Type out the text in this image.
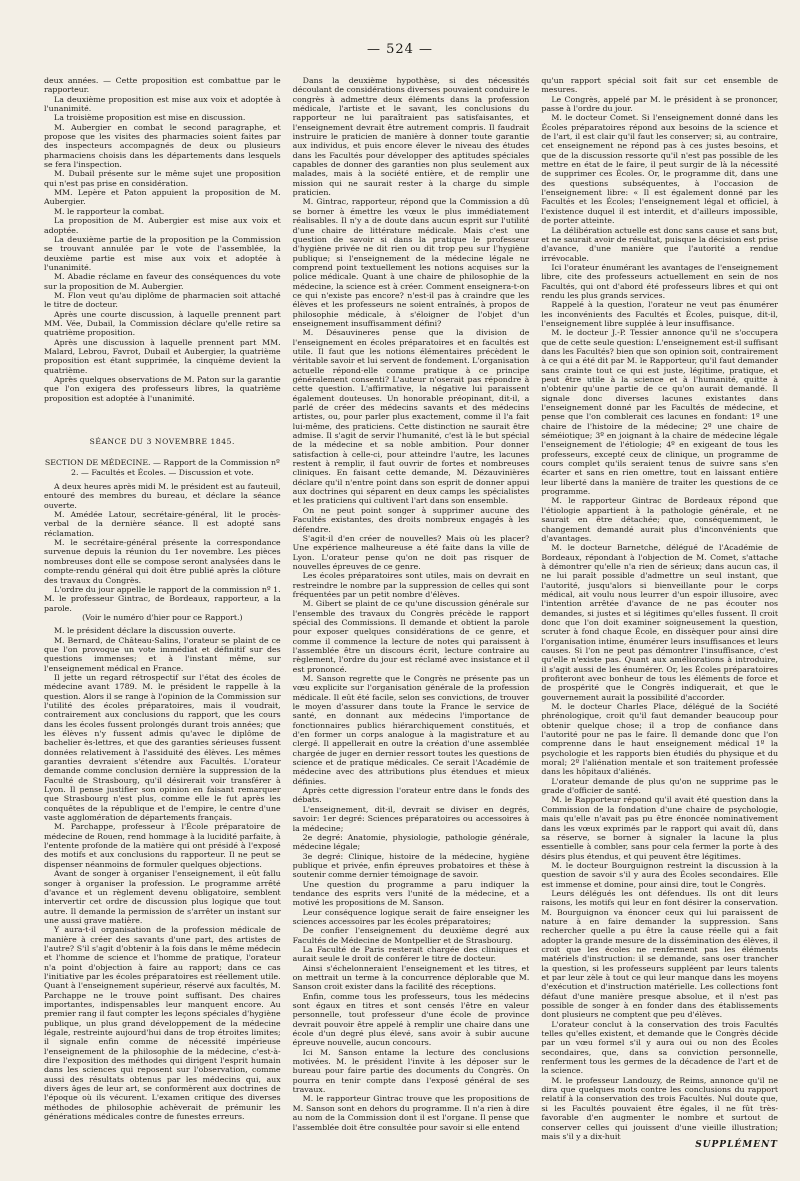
— 524 —

deux années. — Cette proposition est combattue par le rapporteur.

La deuxième proposition est mise aux voix et adoptée à l'unanimité.

La troisième proposition est mise en discussion.

M. Aubergier en combat le second paragraphe, et propose que les visites des pharmacies soient faites par des inspecteurs accompagnés de deux ou plusieurs pharmaciens choisis dans les départements dans lesquels se fera l'inspection.

M. Dubail présente sur le même sujet une proposition qui n'est pas prise en considération.

MM. Lepère et Paton appuient la proposition de M. Aubergier.

M. le rapporteur la combat.

La proposition de M. Aubergier est mise aux voix et adoptée.

La deuxième partie de la proposition pe la Commission se trouvant annulée par le vote de l'assemblée, la deuxième partie est mise aux voix et adoptée à l'unanimité.

M. Abadie réclame en faveur des conséquences du vote sur la proposition de M. Aubergier.

M. Flon veut qu'au diplôme de pharmacien soit attaché le titre de docteur.

Après une courte discussion, à laquelle prennent part MM. Vée, Dubail, la Commission déclare qu'elle retire sa quatrième proposition.

Après une discussion à laquelle prennent part MM. Malard, Lebrou, Favrot, Dubail et Aubergier, la quatrième proposition est étant supprimée, la cinquème devient la quatrième.

Après quelques observations de M. Paton sur la garantie que l'on exigera des professeurs libres, la quatrième proposition est adoptée à l'unanimité.

SÉANCE DU 3 NOVEMBRE 1845.

SECTION DE MÉDECINE. — Rapport de la Commission nº 2. — Facultés et Écoles. — Discussion et vote.

A deux heures après midi M. le président est au fauteuil, entouré des membres du bureau, et déclare la séance ouverte.

M. Amédée Latour, secrétaire-général, lit le procès-verbal de la dernière séance. Il est adopté sans réclamation.

M. le secrétaire-général présente la correspondance survenue depuis la réunion du 1er novembre. Les pièces nombreuses dont elle se compose seront analysées dans le compte-rendu général qui doit être publié après la clôture des travaux du Congrès.

L'ordre du jour appelle le rapport de la commission nº 1. M. le professeur Gintrac, de Bordeaux, rapporteur, a la parole.

(Voir le numéro d'hier pour ce Rapport.)

M. le président déclare la discussion ouverte.

M. Bernard, de Château-Salins, l'orateur se plaint de ce que l'on provoque un vote immédiat et définitif sur des questions immenses; et à l'instant même, sur l'enseignement médical en France.

Il jette un regard rétrospectif sur l'état des écoles de médecine avant 1789. M. le président le rappelle à la question. Alors il se range à l'opinion de la Commission sur l'utilité des écoles préparatoires, mais il voudrait, contrairement aux conclusions du rapport, que les cours dans les écoles fussent prolongés durant trois années; que les élèves n'y fussent admis qu'avec le diplôme de bachelier ès-lettres, et que des garanties sérieuses fussent données relativement à l'assiduité des élèves. Les mêmes garanties devraient s'étendre aux Facultés. L'orateur demande comme conclusion dernière la suppression de la Faculté de Strasbourg, qu'il désirerait voir transférer à Lyon. Il pense justifier son opinion en faisant remarquer que Strasbourg n'est plus, comme elle le fut après les conquêtes de la république et de l'empire, le centre d'une vaste agglomération de départements français.

M. Parchappe, professeur à l'École préparatoire de médecine de Rouen, rend hommage à la lucidité parfaite, à l'entente profonde de la matière qui ont présidé à l'exposé des motifs et aux conclusions du rapporteur. Il ne peut se dispenser néanmoins de formuler quelques objections.

Avant de songer à organiser l'enseignement, il eût fallu songer à organiser la profession. Le programme arrêté d'avance et un règlement devenu obligatoire, semblent intervertir cet ordre de discussion plus logique que tout autre. Il demande la permission de s'arrêter un instant sur une aussi grave matière.

Y aura-t-il organisation de la profession médicale de manière à créer des savants d'une part, des artistes de l'autre? S'il s'agit d'obtenir à la fois dans le même médecin et l'homme de science et l'homme de pratique, l'orateur n'a point d'objection à faire au rapport; dans ce cas l'initiative par les écoles préparatoires est réellement utile. Quant à l'enseignement supérieur, réservé aux facultés, M. Parchappe ne le trouve point suffisant. Des chaires importantes, indispensables leur manquent encore. Au premier rang il faut compter les leçons spéciales d'hygiène publique, un plus grand développement de la médecine légale, restreinte aujourd'hui dans de trop étroites limites; il signale enfin comme de nécessité impérieuse l'enseignement de la philosophie de la médecine, c'est-à-dire l'exposition des méthodes qui dirigent l'esprit humain dans les sciences qui reposent sur l'observation, comme aussi des résultats obtenus par les médecins qui, aux divers âges de leur art, se conformèrent aux doctrines de l'époque où ils vécurent. L'examen critique des diverses méthodes de philosophie achèverait de prémunir les générations médicales contre de funestes erreurs.

Dans la deuxième hypothèse, si des nécessités découlant de considérations diverses pouvaient conduire le congrès à admettre deux éléments dans la profession médicale, l'artiste et le savant, les conclusions du rapporteur ne lui paraîtraient pas satisfaisantes, et l'enseignement devrait être autrement compris. Il faudrait instruire le praticien de manière à donner toute garantie aux individus, et puis encore élever le niveau des études dans les Facultés pour développer des aptitudes spéciales capables de donner des garanties non plus seulement aux malades, mais à la société entière, et de remplir une mission qui ne saurait rester à la charge du simple praticien.

M. Gintrac, rapporteur, répond que la Commission a dû se borner à émettre les vœux le plus immédiatement réalisables. Il n'y a de doute dans aucun esprit sur l'utilité d'une chaire de littérature médicale. Mais c'est une question de savoir si dans la pratique le professeur d'hygiène privée ne dit rien ou dit trop peu sur l'hygiène publique; si l'enseignement de la médecine légale ne comprend point textuellement les notions acquises sur la police médicale. Quant à une chaire de philosophie de la médecine, la science est à créer. Comment enseignera-t-on ce qui n'existe pas encore? n'est-il pas à craindre que les élèves et les professeurs ne soient entraînés, à propos de philosophie médicale, à s'éloigner de l'objet d'un enseignement insuffisamment défini?

M. Désauvineres pense que la division de l'enseignement en écoles préparatoires et en facultés est utile. Il faut que les notions élémentaires précèdent le véritable savoir et lui servent de fondement. L'organisation actuelle répond-elle comme pratique à ce principe généralement consenti? L'auteur n'oserait pas répondre à cette question. L'affirmative, la négative lui paraissent également douteuses. Un honorable préopinant, dit-il, a parlé de créer des médecins savants et des médecins artistes, ou, pour parler plus exactement, comme il l'a fait lui-même, des praticiens. Cette distinction ne saurait être admise. Il s'agit de servir l'humanité, c'est là le but spécial de la médecine et sa noble ambition. Pour donner satisfaction à celle-ci, pour atteindre l'autre, les lacunes restent à remplir, il faut ouvrir de fortes et nombreuses cliniques. En faisant cette demande, M. Dézauvinières déclare qu'il n'entre point dans son esprit de donner appui aux doctrines qui séparent en deux camps les spécialistes et les praticiens qui cultivent l'art dans son ensemble.

On ne peut point songer à supprimer aucune des Facultés existantes, des droits nombreux engagés à les défendre.

S'agit-il d'en créer de nouvelles? Mais où les placer? Une expérience malheureuse a été faite dans la ville de Lyon. L'orateur pense qu'on ne doit pas risquer de nouvelles épreuves de ce genre.

Les écoles préparatoires sont utiles, mais on devrait en restreindre le nombre par la suppression de celles qui sont fréquentées par un petit nombre d'élèves.

M. Gibert se plaint de ce qu'une discussion générale sur l'ensemble des travaux du Congrès précède le rapport spécial des Commissions. Il demande et obtient la parole pour exposer quelques considérations de ce genre, et comme il commence la lecture de notes qui paraissent à l'assemblée être un discours écrit, lecture contraire au règlement, l'ordre du jour est réclamé avec insistance et il est prononcé.

M. Sanson regrette que le Congrès ne présente pas un vœu explicite sur l'organisation générale de la profession médicale. Il eût été facile, selon ses convictions, de trouver le moyen d'assurer dans toute la France le service de santé, en donnant aux médecins l'importance de fonctionnaires publics hiérarchiquement constitués, et d'en former un corps analogue à la magistrature et au clergé. Il appellerait en outre la création d'une assemblée chargée de juger en dernier ressort toutes les questions de science et de pratique médicales. Ce serait l'Académie de médecine avec des attributions plus étendues et mieux définies.

Après cette digression l'orateur entre dans le fonds des débats.

L'enseignement, dit-il, devrait se diviser en degrés, savoir: 1er degré: Sciences préparatoires ou accessoires à la médecine;

2e degré: Anatomie, physiologie, pathologie générale, médecine légale;

3e degré: Clinique, histoire de la médecine, hygiène publique et privée, enfin épreuves probatoires et thèse à soutenir comme dernier témoignage de savoir.

Une question du programme a paru indiquer la tendance des esprits vers l'unité de la médecine, et a motivé les propositions de M. Sanson.

Leur conséquence logique serait de faire enseigner les sciences accessoires par les écoles préparatoires;

De confier l'enseignement du deuxième degré aux Facultés de Médecine de Montpellier et de Strasbourg.

La Faculté de Paris resterait chargée des cliniques et aurait seule le droit de conférer le titre de docteur.

Ainsi s'échelonneraient l'enseignement et les titres, et on mettrait un terme à la concurrence déplorable que M. Sanson croit exister dans la facilité des réceptions.

Enfin, comme tous les professeurs, tous les médecins sont égaux en titres et sont censés l'être en valeur personnelle, tout professeur d'une école de province devrait pouvoir être appelé à remplir une chaire dans une école d'un degré plus élevé, sans avoir à subir aucune épreuve nouvelle, aucun concours.

Ici M. Sanson entame la lecture des conclusions motivées. M. le président l'invite à les déposer sur le bureau pour faire partie des documents du Congrès. On pourra en tenir compte dans l'exposé général de ses travaux.

M. le rapporteur Gintrac trouve que les propositions de M. Sanson sont en dehors du programme. Il n'a rien à dire au nom de la Commission dont il est l'organe. Il pense que l'assemblée doit être consultée pour savoir si elle entend

qu'un rapport spécial soit fait sur cet ensemble de mesures.

Le Congrès, appelé par M. le président à se prononcer, passe à l'ordre du jour.

M. le docteur Comet. Si l'enseignement donné dans les Écoles préparatoires répond aux besoins de la science et de l'art, il est clair qu'il faut les conserver; si, au contraire, cet enseignement ne répond pas à ces justes besoins, et que de la discussion ressorte qu'il n'est pas possible de les mettre en état de le faire, il peut surgir de là la nécessité de supprimer ces Écoles. Or, le programme dit, dans une des questions subséquentes, à l'occasion de l'enseignement libre: « Il est également donné par les Facultés et les Écoles; l'enseignement légal et officiel, à l'existence duquel il est interdit, et d'ailleurs impossible, de porter atteinte.

La délibération actuelle est donc sans cause et sans but, et ne saurait avoir de résultat, puisque la décision est prise d'avance, d'une manière que l'autorité a rendue irrévocable.

Ici l'orateur énumérant les avantages de l'enseignement libre, cite des professeurs actuellement en sein de nos Facultés, qui ont d'abord été professeurs libres et qui ont rendu les plus grands services.

Rappelé à la question, l'orateur ne veut pas énumérer les inconvénients des Facultés et Écoles, puisque, dit-il, l'enseignement libre supplée à leur insuffisance.

M. le docteur J.-P. Tessier annonce qu'il ne s'occupera que de cette seule question: L'enseignement est-il suffisant dans les Facultés? bien que son opinion soit, contrairement à ce qui a été dit par M. le Rapporteur, qu'il faut demander sans crainte tout ce qui est juste, légitime, pratique, et peut être utile à la science et à l'humanité, quitte à n'obtenir qu'une partie de ce qu'on aurait demandé. Il signale donc diverses lacunes existantes dans l'enseignement donné par les Facultés de médecine, et pense que l'on comblerait ces lacunes en fondant: 1º une chaire de l'histoire de la médecine; 2º une chaire de séméiotique; 3º en joignant à la chaire de médecine légale l'enseignement de l'étiologie; 4º en exigeant de tous les professeurs, excepté ceux de clinique, un programme de cours complet qu'ils seraient tenus de suivre sans s'en écarter et sans en rien omettre, tout en laissant entière leur liberté dans la manière de traiter les questions de ce programme.

M. le rapporteur Gintrac de Bordeaux répond que l'étiologie appartient à la pathologie générale, et ne saurait en être détachée; que, conséquemment, le changement demandé aurait plus d'inconvénients que d'avantages.

M. le docteur Barnetche, délégué de l'Académie de Bordeaux, répondant à l'objection de M. Comet, s'attache à démontrer qu'elle n'a rien de sérieux; dans aucun cas, il ne lui paraît possible d'admettre un seul instant, que l'autorité, jusqu'alors si bienveillante pour le corps médical, ait voulu nous leurrer d'un espoir illusoire, avec l'intention arrêtée d'avance de ne pas écouter nos demandes, si justes et si légitimes qu'elles fussent. Il croit donc que l'on doit examiner soigneusement la question, scruter à fond chaque École, en dissèquer pour ainsi dire l'organisation intime, énumérer leurs insuffisances et leurs causes. Si l'on ne peut pas démontrer l'insuffisance, c'est qu'elle n'existe pas. Quant aux améliorations à introduire, il s'agit aussi de les énumérer. Or, les Écoles préparatoires profiteront avec bonheur de tous les éléments de force et de prospérité que le Congrès indiquerait, et que le gouvernement aurait la possibilité d'accorder.

M. le docteur Charles Place, délégué de la Société phrénologique, croit qu'il faut demander beaucoup pour obtenir quelque chose; il a trop de confiance dans l'autorité pour ne pas le faire. Il demande donc que l'on comprenne dans le haut enseignement médical 1º la psychologie et les rapports bien étudiés du physique et du moral; 2º l'aliénation mentale et son traitement professée dans les hôpitaux d'aliénés.

L'orateur demande de plus qu'on ne supprime pas le grade d'officier de santé.

M. le Rapporteur répond qu'il avait été question dans la Commission de la fondation d'une chaire de psychologie, mais qu'elle n'avait pas pu être énoncée nominativement dans les vœux exprimés par le rapport qui avait dû, dans sa réserve, se borner à signaler la lacune la plus essentielle à combler, sans pour cela fermer la porte à des désirs plus étendus, et qui peuvent être légitimes.

M. le docteur Bourguignon restreint la discussion à la question de savoir s'il y aura des Écoles secondaires. Elle est immense et domine, pour ainsi dire, tout le Congrès.

Leurs délégués les ont défendues. Ils ont dit leurs raisons, les motifs qui leur en font désirer la conservation. M. Bourguignon va énoncer ceux qui lui paraissent de nature à en faire demander la suppression. Sans rechercher quelle a pu être la cause réelle qui a fait adopter la grande mesure de la dissémination des élèves, il croit que les écoles ne renferment pas les éléments matériels d'instruction: il se demande, sans oser trancher la question, si les professeurs suppléent par leurs talents et par leur zèle à tout ce qui leur manque dans les moyens d'exécution et d'instruction matérielle. Les collections font défaut d'une manière presque absolue, et il n'est pas possible de songer à en fonder dans des établissements dont plusieurs ne comptent que peu d'élèves.

L'orateur conclut à la conservation des trois Facultés telles qu'elles existent, et demande que le Congrès décide par un vœu formel s'il y aura oui ou non des Écoles secondaires, que, dans sa conviction personnelle, renferment tous les germes de la décadence de l'art et de la science.

M. le professeur Landouzy, de Reims, annonce qu'il ne dira que quelques mots contre les conclusions du rapport relatif à la conservation des trois Facultés. Nul doute que, si les Facultés pouvaient être égales, il ne fût très-favorable d'en augmenter le nombre et surtout de conserver celles qui jouissent d'une vieille illustration; mais s'il y a dix-huit

SUPPLÉMENT
